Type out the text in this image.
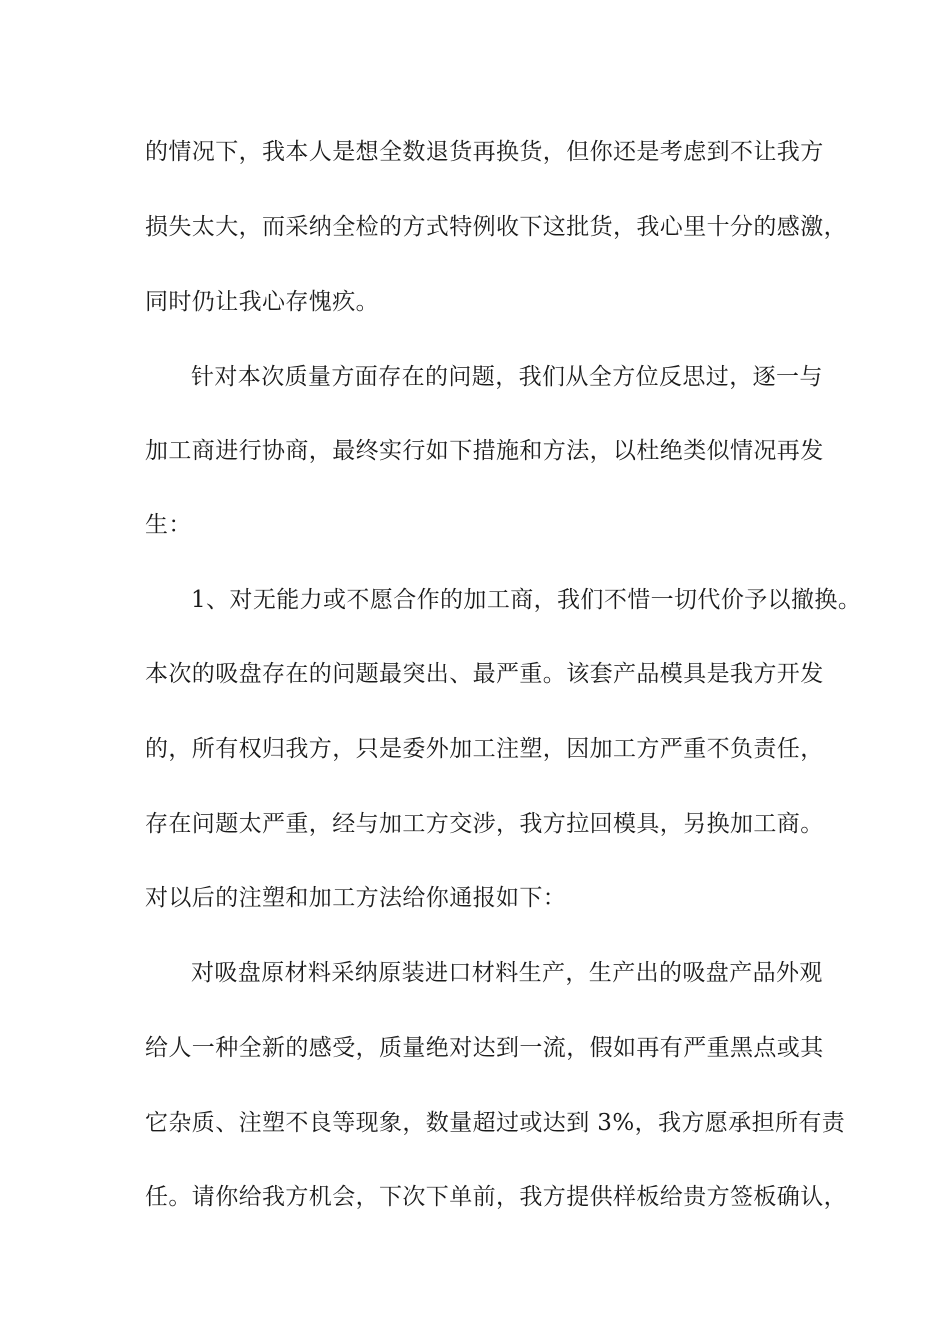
的情况下，我本人是想全数退货再换货，但你还是考虑到不让我方
损失太大，而采纳全检的方式特例收下这批货，我心里十分的感激，
同时仍让我心存愧疚。
针对本次质量方面存在的问题，我们从全方位反思过，逐一与
加工商进行协商，最终实行如下措施和方法，以杜绝类似情况再发
生：
1、对无能力或不愿合作的加工商，我们不惜一切代价予以撤换。
本次的吸盘存在的问题最突出、最严重。该套产品模具是我方开发
的，所有权归我方，只是委外加工注塑，因加工方严重不负责任，
存在问题太严重，经与加工方交涉，我方拉回模具，另换加工商。
对以后的注塑和加工方法给你通报如下：
对吸盘原材料采纳原装进口材料生产，生产出的吸盘产品外观
给人一种全新的感受，质量绝对达到一流，假如再有严重黑点或其
它杂质、注塑不良等现象，数量超过或达到 3%，我方愿承担所有责
任。请你给我方机会，下次下单前，我方提供样板给贵方签板确认，
